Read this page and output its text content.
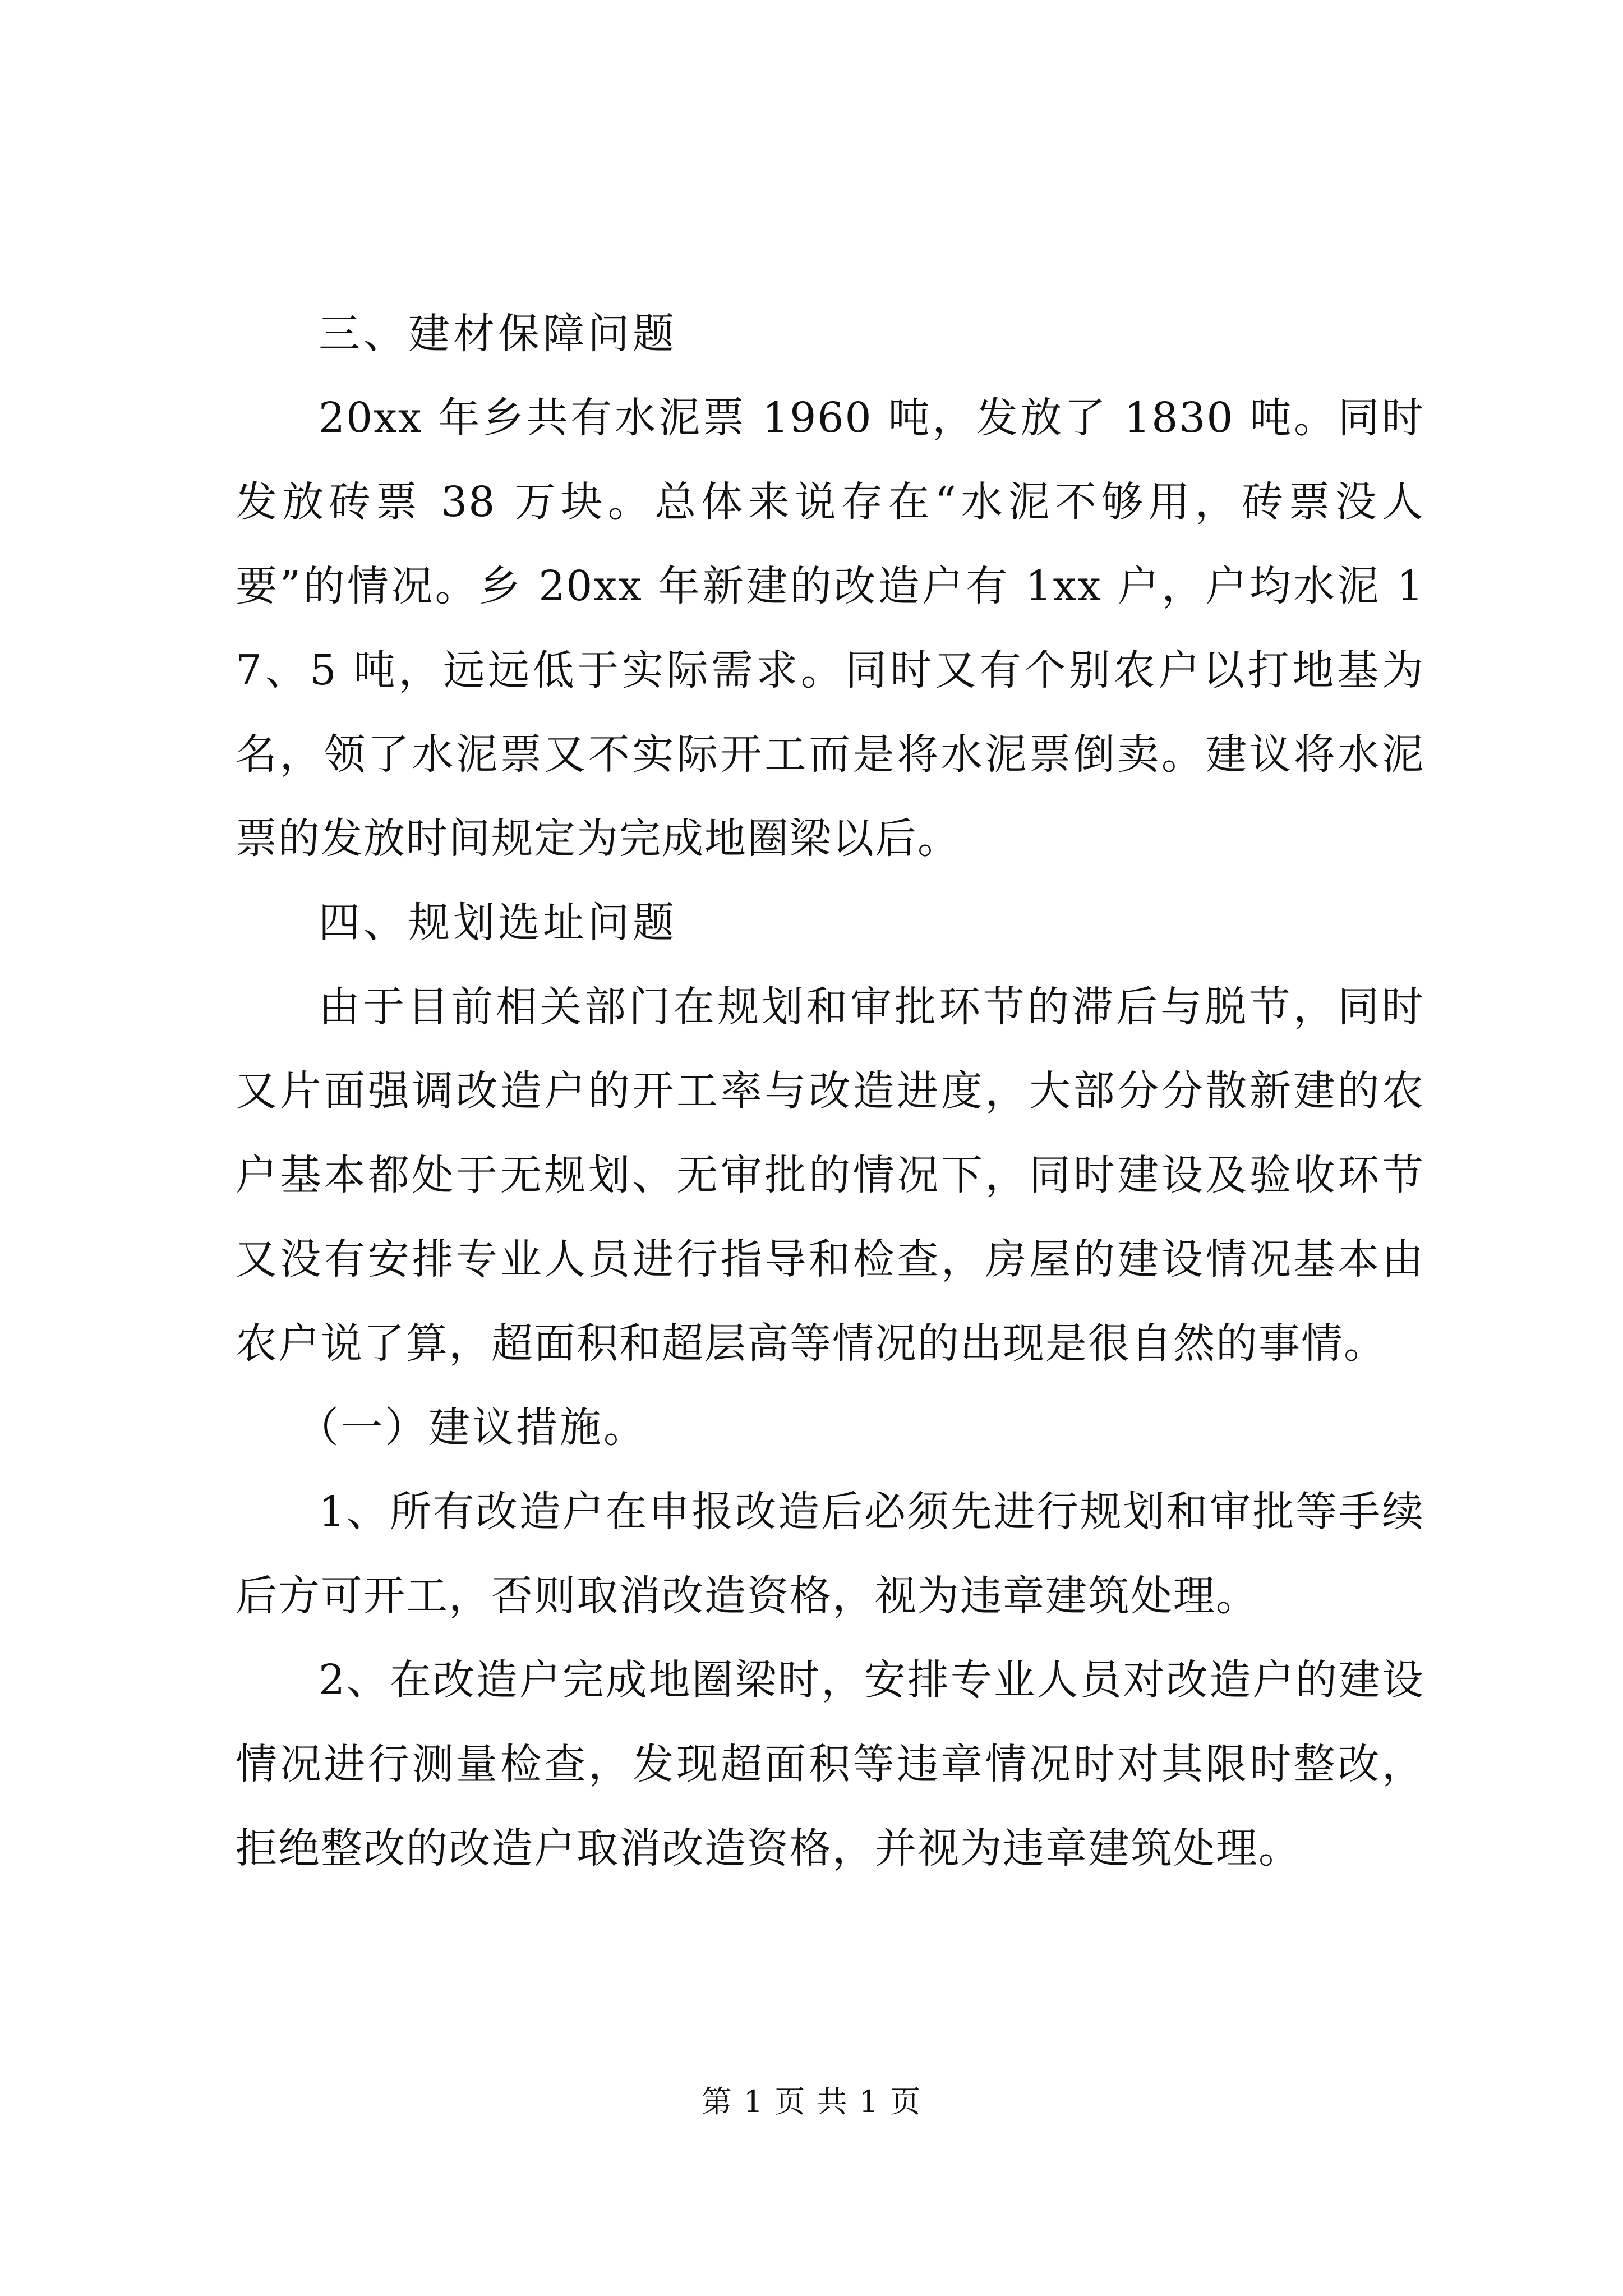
三、建材保障问题

20xx 年乡共有水泥票 1960 吨，发放了 1830 吨。同时发放砖票 38 万块。总体来说存在“水泥不够用，砖票没人要”的情况。乡 20xx 年新建的改造户有 1xx 户，户均水泥 17、5 吨，远远低于实际需求。同时又有个别农户以打地基为名，领了水泥票又不实际开工而是将水泥票倒卖。建议将水泥票的发放时间规定为完成地圈梁以后。

四、规划选址问题

由于目前相关部门在规划和审批环节的滞后与脱节，同时又片面强调改造户的开工率与改造进度，大部分分散新建的农户基本都处于无规划、无审批的情况下，同时建设及验收环节又没有安排专业人员进行指导和检查，房屋的建设情况基本由农户说了算，超面积和超层高等情况的出现是很自然的事情。

（一）建议措施。

1、所有改造户在申报改造后必须先进行规划和审批等手续后方可开工，否则取消改造资格，视为违章建筑处理。

2、在改造户完成地圈梁时，安排专业人员对改造户的建设情况进行测量检查，发现超面积等违章情况时对其限时整改，拒绝整改的改造户取消改造资格，并视为违章建筑处理。

第 1 页 共 1 页
